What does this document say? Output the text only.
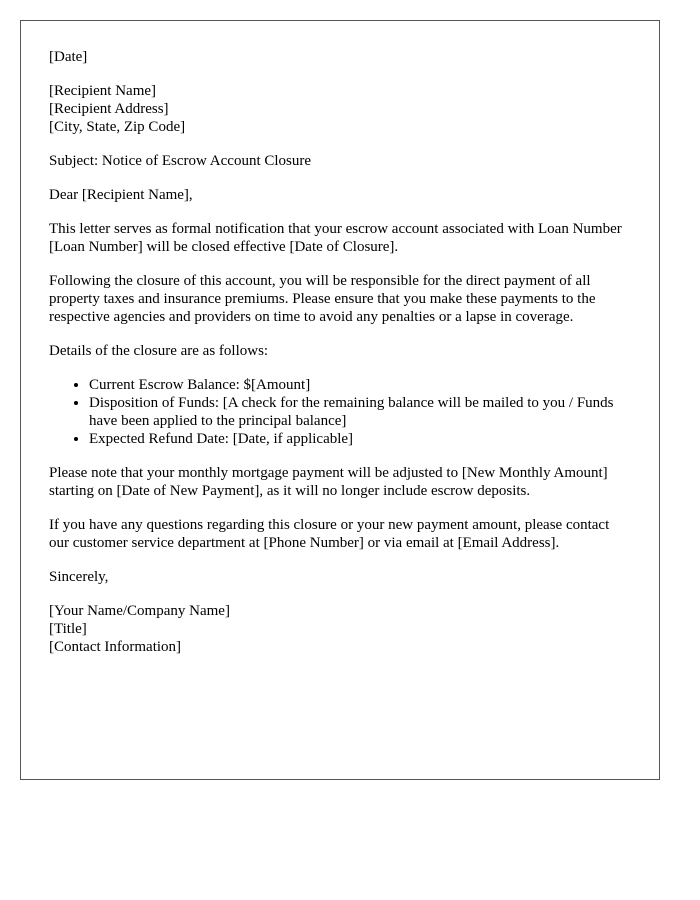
[Date]

[Recipient Name]
[Recipient Address]
[City, State, Zip Code]

Subject: Notice of Escrow Account Closure

Dear [Recipient Name],

This letter serves as formal notification that your escrow account associated with Loan Number [Loan Number] will be closed effective [Date of Closure].

Following the closure of this account, you will be responsible for the direct payment of all property taxes and insurance premiums. Please ensure that you make these payments to the respective agencies and providers on time to avoid any penalties or a lapse in coverage.

Details of the closure are as follows:

• Current Escrow Balance: $[Amount]
• Disposition of Funds: [A check for the remaining balance will be mailed to you / Funds have been applied to the principal balance]
• Expected Refund Date: [Date, if applicable]

Please note that your monthly mortgage payment will be adjusted to [New Monthly Amount] starting on [Date of New Payment], as it will no longer include escrow deposits.

If you have any questions regarding this closure or your new payment amount, please contact our customer service department at [Phone Number] or via email at [Email Address].

Sincerely,

[Your Name/Company Name]
[Title]
[Contact Information]
